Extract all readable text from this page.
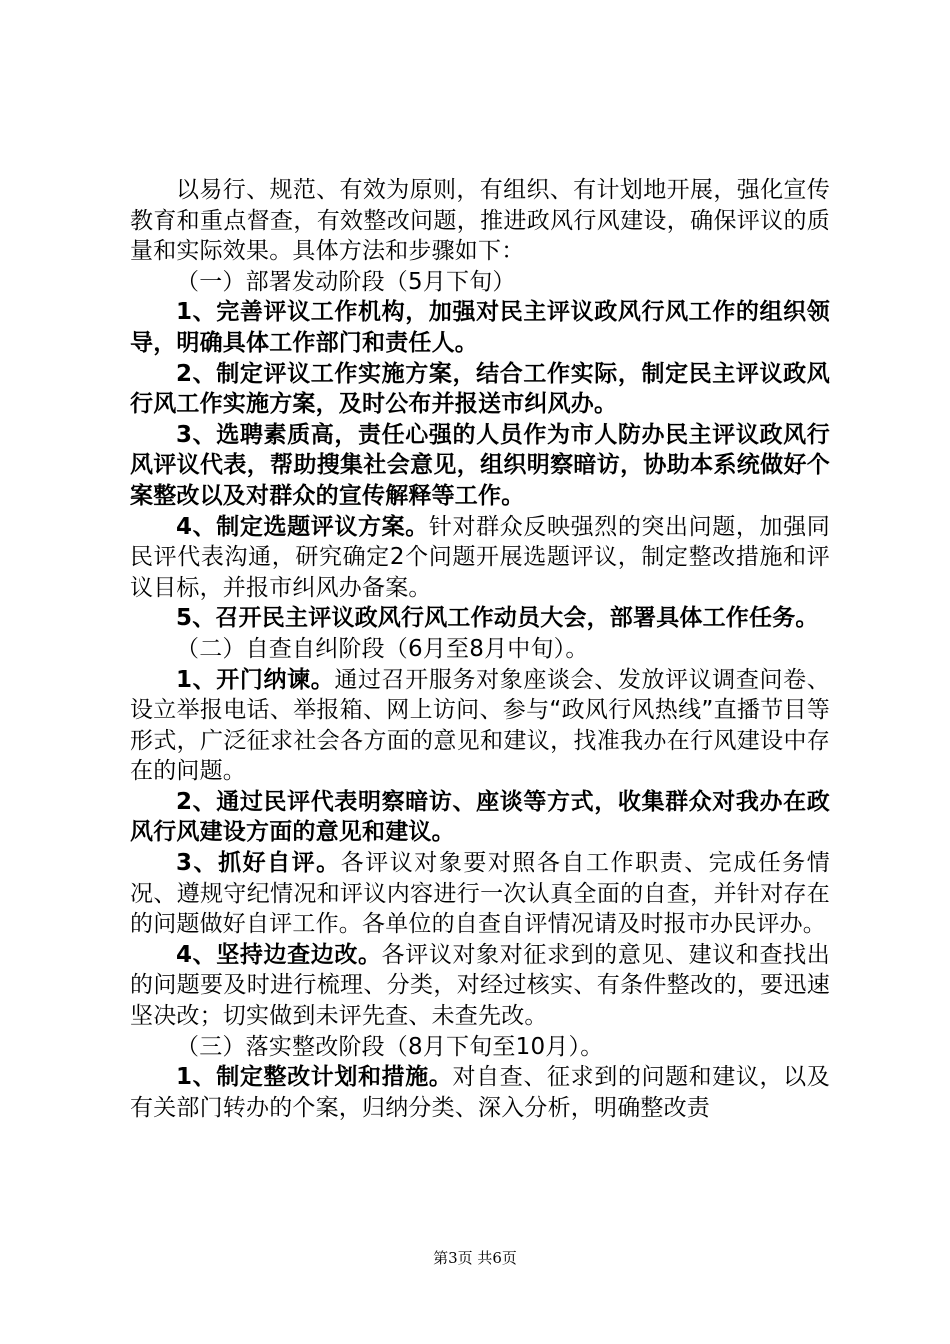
以易行、规范、有效为原则，有组织、有计划地开展，强化宣传教育和重点督查，有效整改问题，推进政风行风建设，确保评议的质量和实际效果。具体方法和步骤如下：

（一）部署发动阶段（5月下旬）

1、完善评议工作机构，加强对民主评议政风行风工作的组织领导，明确具体工作部门和责任人。

2、制定评议工作实施方案，结合工作实际，制定民主评议政风行风工作实施方案，及时公布并报送市纠风办。

3、选聘素质高，责任心强的人员作为市人防办民主评议政风行风评议代表，帮助搜集社会意见，组织明察暗访，协助本系统做好个案整改以及对群众的宣传解释等工作。

4、制定选题评议方案。针对群众反映强烈的突出问题，加强同民评代表沟通，研究确定2个问题开展选题评议，制定整改措施和评议目标，并报市纠风办备案。

5、召开民主评议政风行风工作动员大会，部署具体工作任务。

（二）自查自纠阶段（6月至8月中旬）。

1、开门纳谏。通过召开服务对象座谈会、发放评议调查问卷、设立举报电话、举报箱、网上访问、参与“政风行风热线”直播节目等形式，广泛征求社会各方面的意见和建议，找准我办在行风建设中存在的问题。

2、通过民评代表明察暗访、座谈等方式，收集群众对我办在政风行风建设方面的意见和建议。

3、抓好自评。各评议对象要对照各自工作职责、完成任务情况、遵规守纪情况和评议内容进行一次认真全面的自查，并针对存在的问题做好自评工作。各单位的自查自评情况请及时报市办民评办。

4、坚持边查边改。各评议对象对征求到的意见、建议和查找出的问题要及时进行梳理、分类，对经过核实、有条件整改的，要迅速坚决改；切实做到未评先查、未查先改。

（三）落实整改阶段（8月下旬至10月）。

1、制定整改计划和措施。对自查、征求到的问题和建议，以及有关部门转办的个案，归纳分类、深入分析，明确整改责

第3页 共6页
